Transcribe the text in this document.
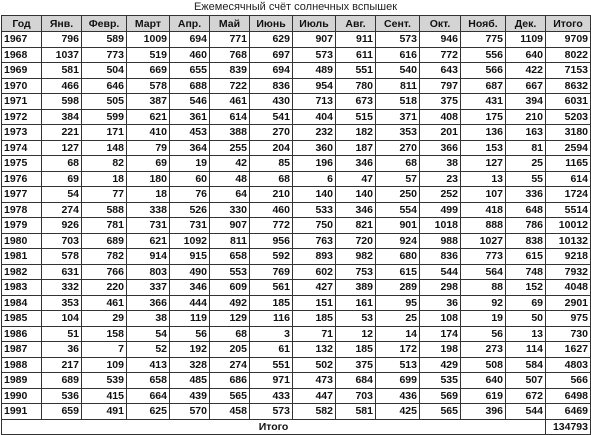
Ежемесячный счёт солнечных вспышек
Год	Янв.	Февр.	Март	Апр.	Май	Июнь	Июль	Авг.	Сент.	Окт.	Нояб.	Дек.	Итого
1967	796	589	1009	694	771	629	907	911	573	946	775	1109	9709
1968	1037	773	519	460	768	697	573	611	616	772	556	640	8022
1969	581	504	669	655	839	694	489	551	540	643	566	422	7153
1970	466	646	578	688	722	836	954	780	811	797	687	667	8632
1971	598	505	387	546	461	430	713	673	518	375	431	394	6031
1972	384	599	621	361	614	541	404	515	371	408	175	210	5203
1973	221	171	410	453	388	270	232	182	353	201	136	163	3180
1974	127	148	79	364	255	204	360	187	270	366	153	81	2594
1975	68	82	69	19	42	85	196	346	68	38	127	25	1165
1976	69	18	180	60	48	68	6	47	57	23	13	55	614
1977	54	77	18	76	64	210	140	140	250	252	107	336	1724
1978	274	588	338	526	330	460	533	346	554	499	418	648	5514
1979	926	781	731	731	907	772	750	821	901	1018	888	786	10012
1980	703	689	621	1092	811	956	763	720	924	988	1027	838	10132
1981	578	782	914	915	658	592	893	982	680	836	773	615	9218
1982	631	766	803	490	553	769	602	753	615	544	564	748	7932
1983	332	220	337	346	609	561	427	389	289	298	88	152	4048
1984	353	461	366	444	492	185	151	161	95	36	92	69	2901
1985	104	29	38	119	129	116	185	53	25	108	19	50	975
1986	51	158	54	56	68	3	71	12	14	174	56	13	730
1987	36	7	52	192	205	61	132	185	172	198	273	114	1627
1988	217	109	413	328	274	551	502	375	513	429	508	584	4803
1989	689	539	658	485	686	971	473	684	699	535	640	507	566
1990	536	415	664	439	565	433	447	703	436	569	619	672	6498
1991	659	491	625	570	458	573	582	581	425	565	396	544	6469
Итого													134793
